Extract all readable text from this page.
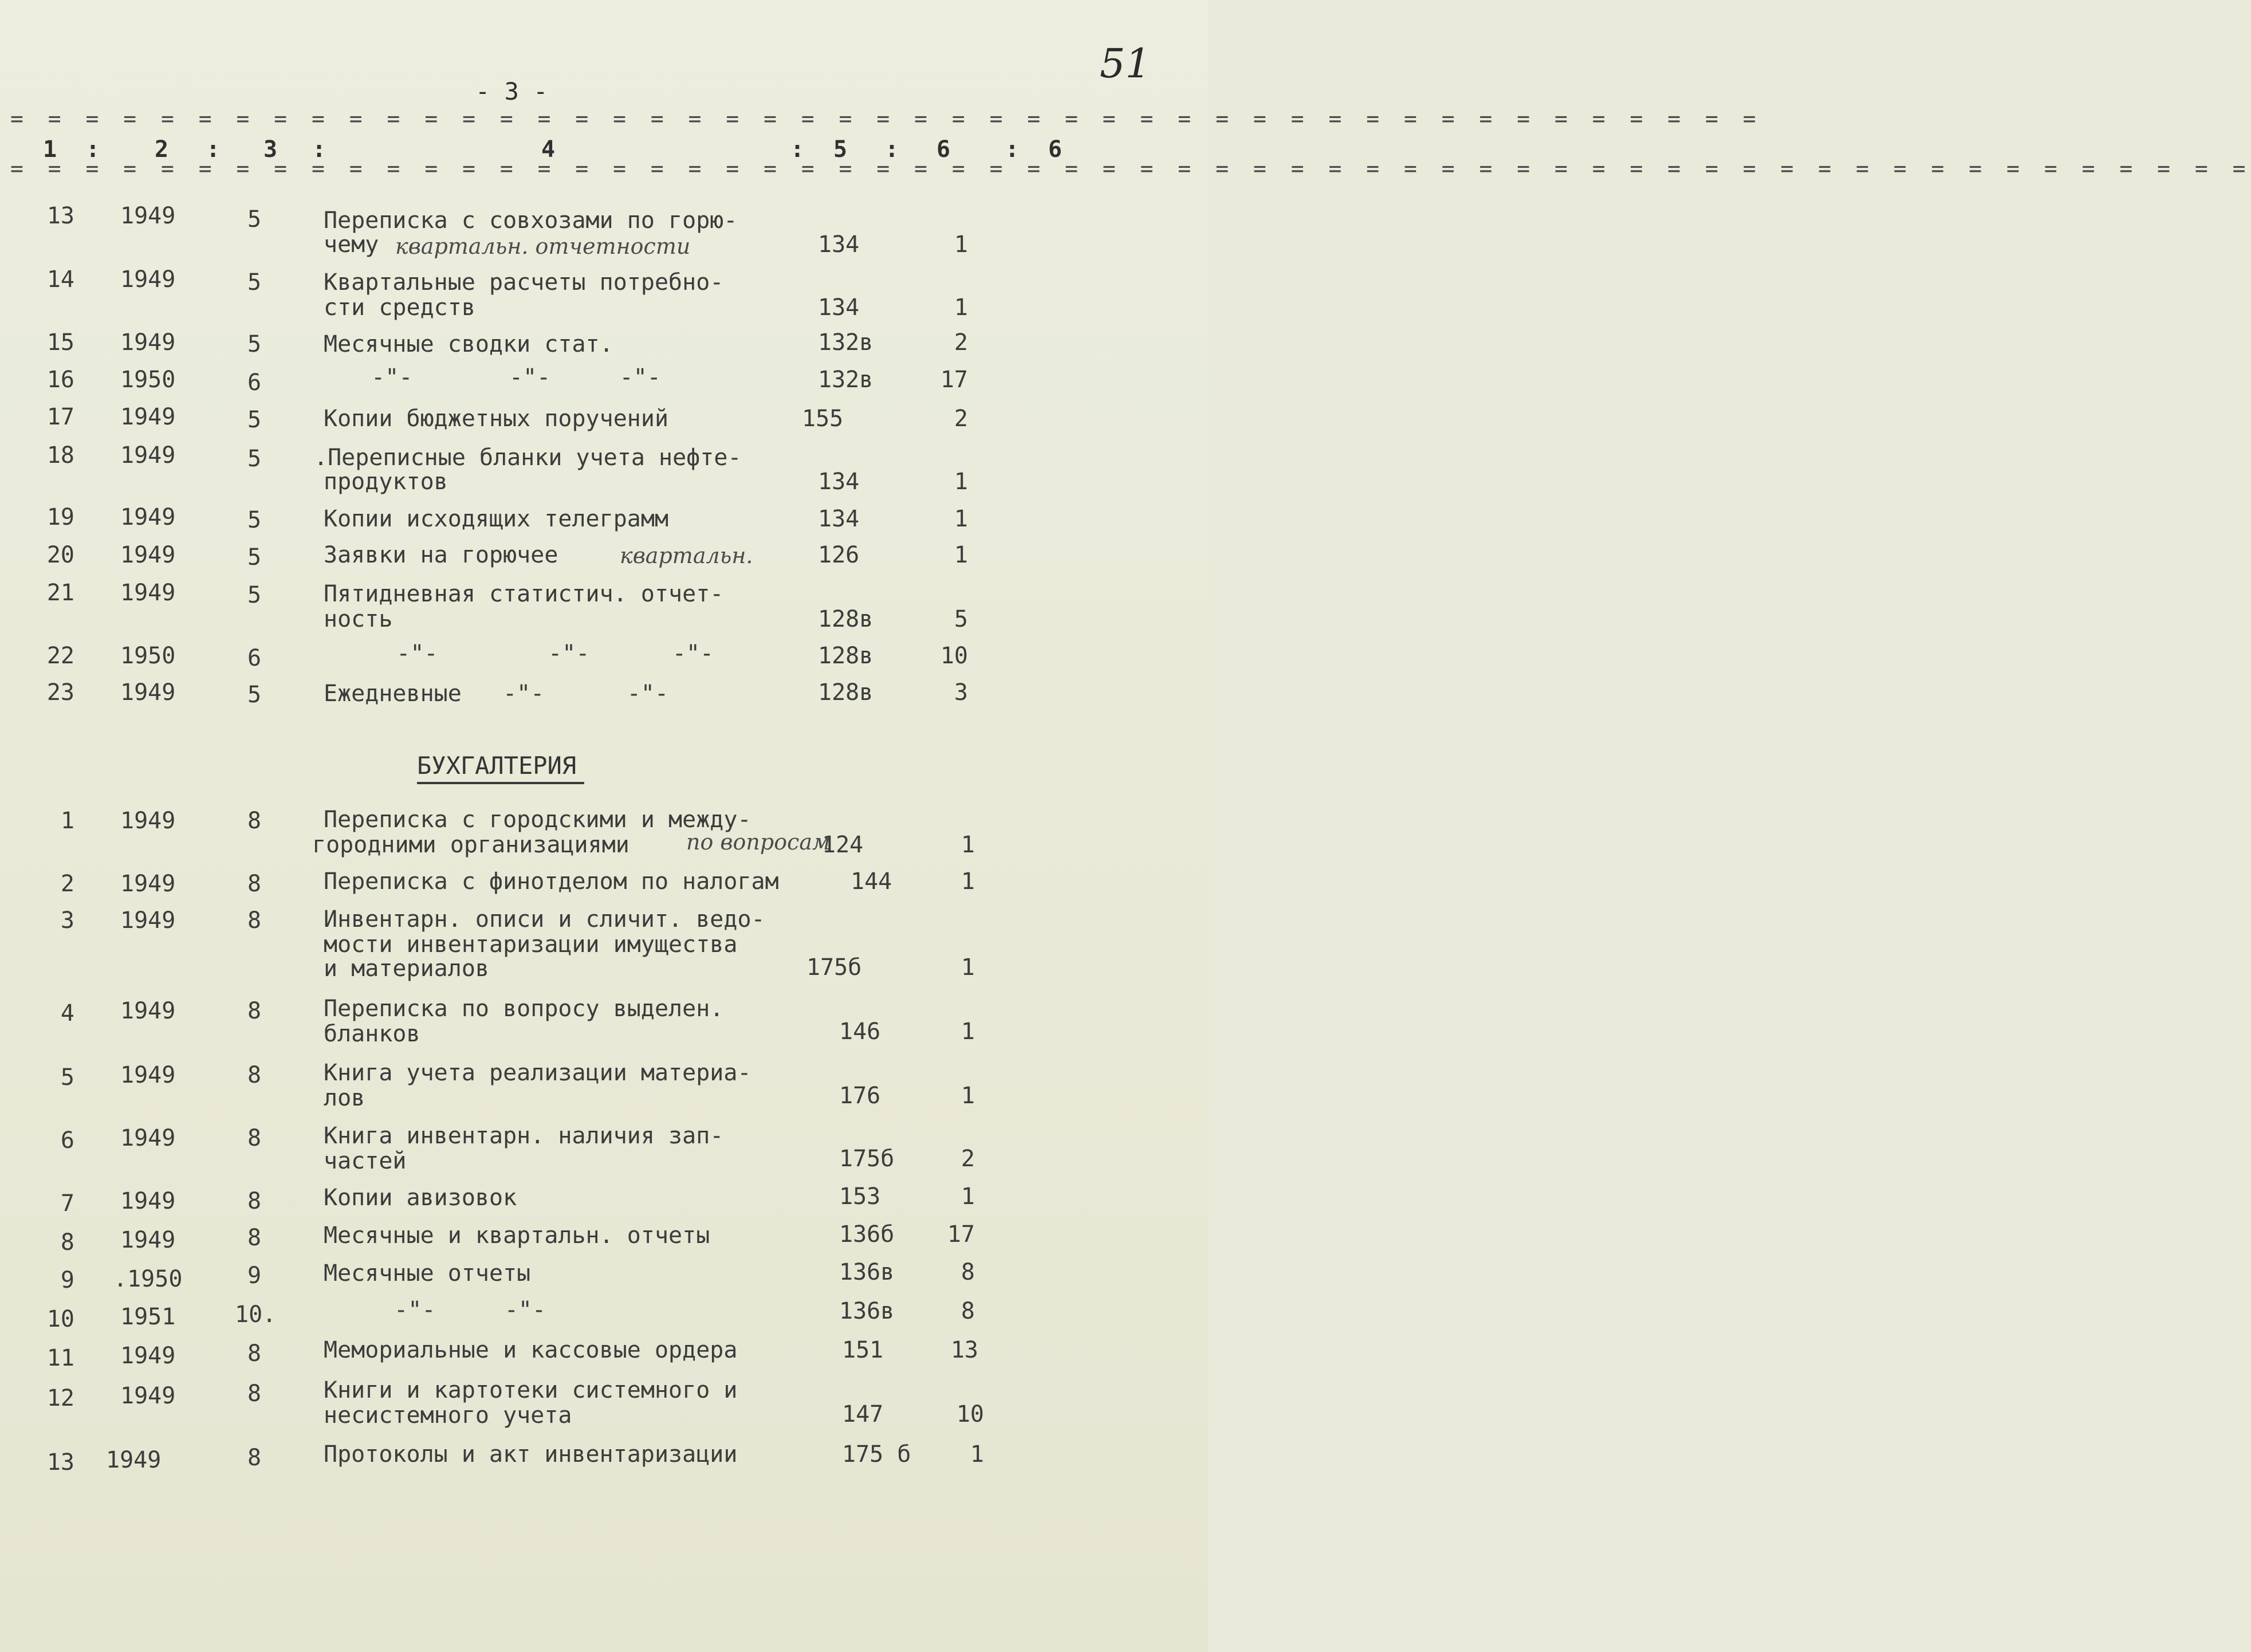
51
- 3 -
= = = = = = = = = = = = = = = = = = = = = = = = = = = = = = = = = = = = = = = = = = = = = = =
1 : 2 : 3 :	4	: 5 : 6 : 6
= = = = = = = = = = = = = = = = = = = = = = = = = = = = = = = = = = = = = = = = = = = = = = = = = = = = = = = = = = = =
13 1949	5	Переписка с совхозами по горю-
чему квартальн. отчетности	134	1
14 1949	5	Квартальные расчеты потребно-
сти средств	134	1
15 1949	5	Месячные сводки стат.	132в	2
16 1950	6	-"-       -"-     -"-	132в	17
17 1949	5	Копии бюджетных поручений	155	2
18 1949	5 .Переписные бланки учета нефте-
продуктов	134	1
19 1949	5	Копии исходящих телеграмм	134	1
20 1949	5	Заявки на горючее	квартальн.	126	1
21 1949	5	Пятидневная статистич. отчет-
ность	128в	5
22 1950	6	-"-        -"-      -"-	128в	10
23 1949	5	Ежедневные   -"-      -"-	128в	3
БУХГАЛТЕРИЯ
1 1949	8	Переписка с городскими и между-
городними организациями	по вопросам
124	1
2 1949	8	Переписка с финотделом по налогам	144	1
3 1949	8	Инвентарн. описи и сличит. ведо-
мости инвентаризации имущества
и материалов	175б	1
4 1949	8	Переписка по вопросу выделен.
бланков	146	1
5 1949	8	Книга учета реализации материа-
лов	176	1
6 1949	8	Книга инвентарн. наличия зап-
частей	175б	2
7 1949	8	Копии авизовок	153	1
8 1949	8	Месячные и квартальн. отчеты	136б	17
9 .1950	9	Месячные отчеты	136в	8
10 1951	10.	-"-     -"-	136в	8
11 1949	8	Мемориальные и кассовые ордера	151	13
12 1949	8	Книги и картотеки системного и
несистемного учета	147	10
13 1949	8	Протоколы и акт инвентаризации	175 б	1
